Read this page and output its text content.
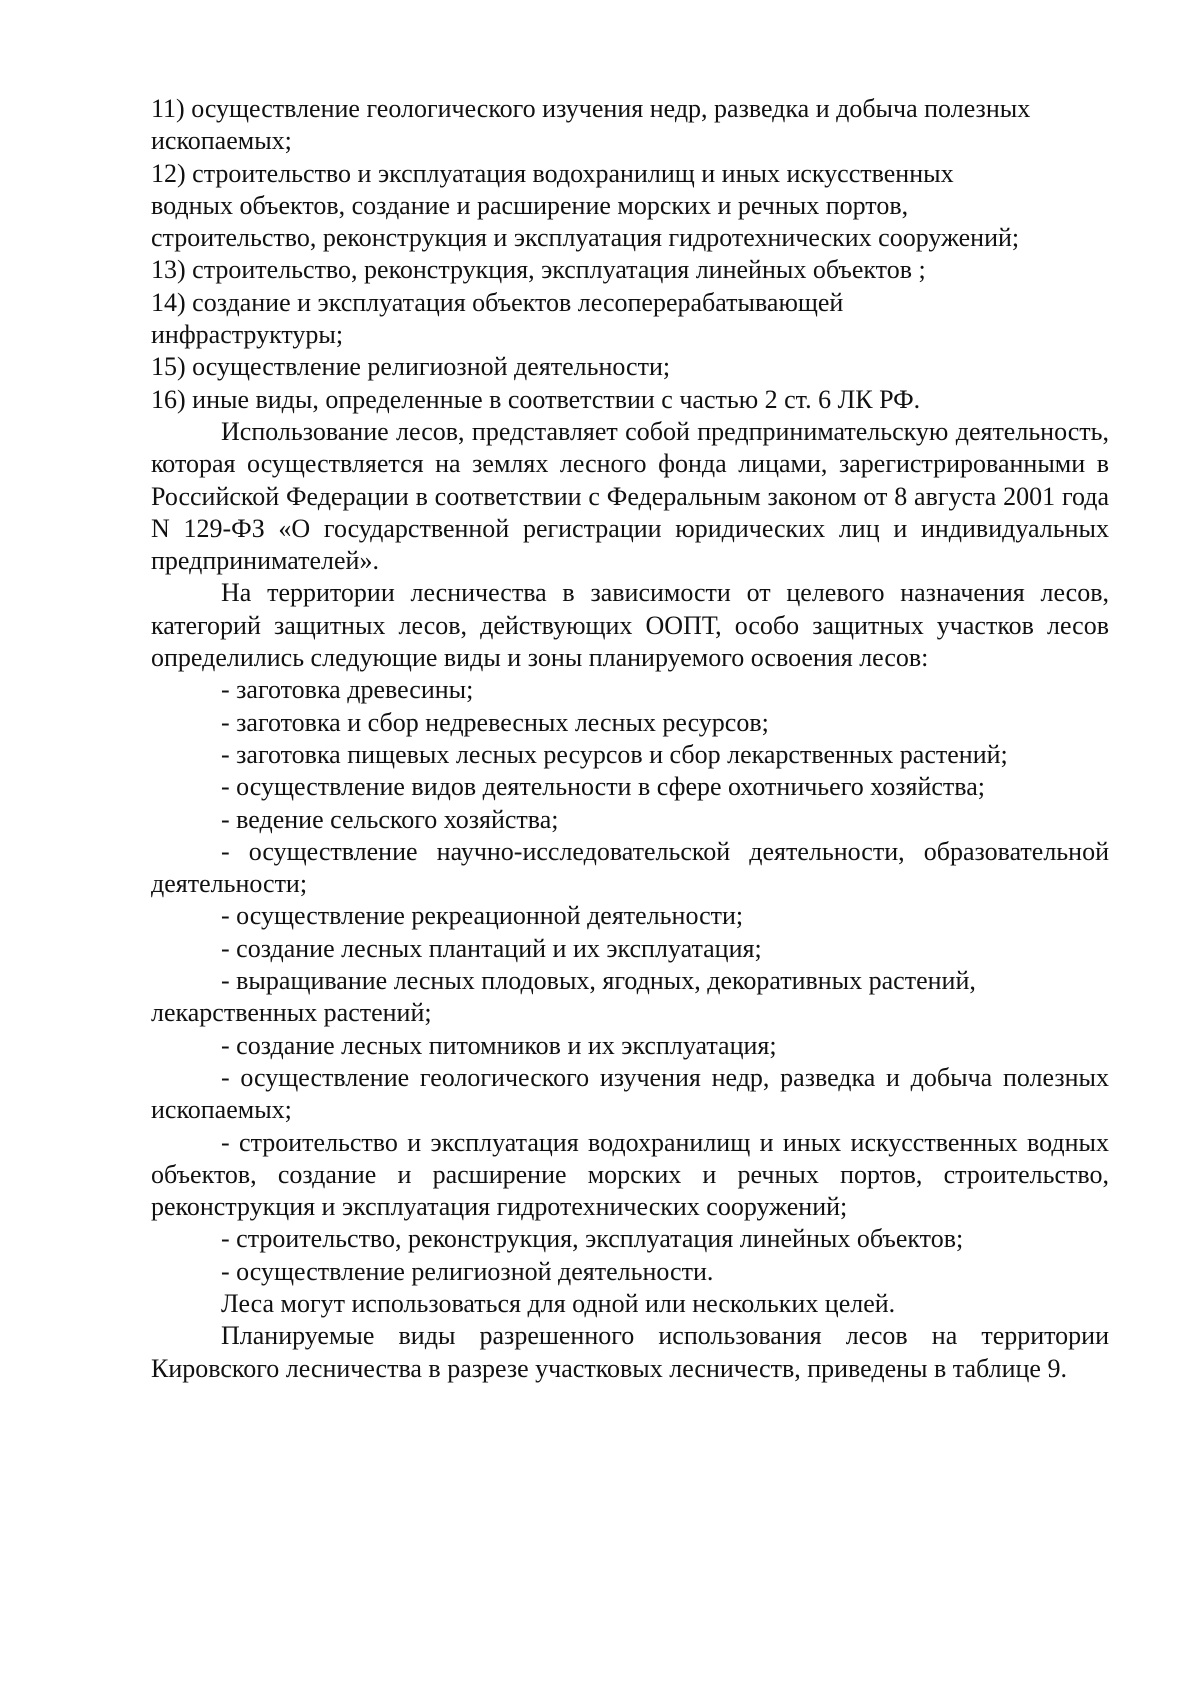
11) осуществление геологического изучения недр, разведка и добыча полезных
ископаемых;
12) строительство и эксплуатация водохранилищ и иных искусственных
водных объектов, создание и расширение морских и речных портов,
строительство, реконструкция и эксплуатация гидротехнических сооружений;
13) строительство, реконструкция, эксплуатация линейных объектов ;
14) создание и эксплуатация объектов лесоперерабатывающей
инфраструктуры;
15) осуществление религиозной деятельности;
16) иные виды, определенные в соответствии с частью 2 ст. 6 ЛК РФ.
Использование лесов, представляет собой предпринимательскую деятельность, которая осуществляется на землях лесного фонда лицами, зарегистрированными в Российской Федерации в соответствии с Федеральным законом от 8 августа 2001 года N 129-ФЗ «О государственной регистрации юридических лиц и индивидуальных предпринимателей».
На территории лесничества в зависимости от целевого назначения лесов, категорий защитных лесов, действующих ООПТ, особо защитных участков лесов определились следующие виды и зоны планируемого освоения лесов:
- заготовка древесины;
- заготовка и сбор недревесных лесных ресурсов;
- заготовка пищевых лесных ресурсов и сбор лекарственных растений;
- осуществление видов деятельности в сфере охотничьего хозяйства;
- ведение сельского хозяйства;
- осуществление научно-исследовательской деятельности, образовательной деятельности;
- осуществление рекреационной деятельности;
- создание лесных плантаций и их эксплуатация;
- выращивание лесных плодовых, ягодных, декоративных растений, лекарственных растений;
- создание лесных питомников и их эксплуатация;
- осуществление геологического изучения недр, разведка и добыча полезных ископаемых;
- строительство и эксплуатация водохранилищ и иных искусственных водных объектов, создание и расширение морских и речных портов, строительство, реконструкция и эксплуатация гидротехнических сооружений;
- строительство, реконструкция, эксплуатация линейных объектов;
- осуществление религиозной деятельности.
Леса могут использоваться для одной или нескольких целей.
Планируемые виды разрешенного использования лесов на территории Кировского лесничества в разрезе участковых лесничеств, приведены в таблице 9.
